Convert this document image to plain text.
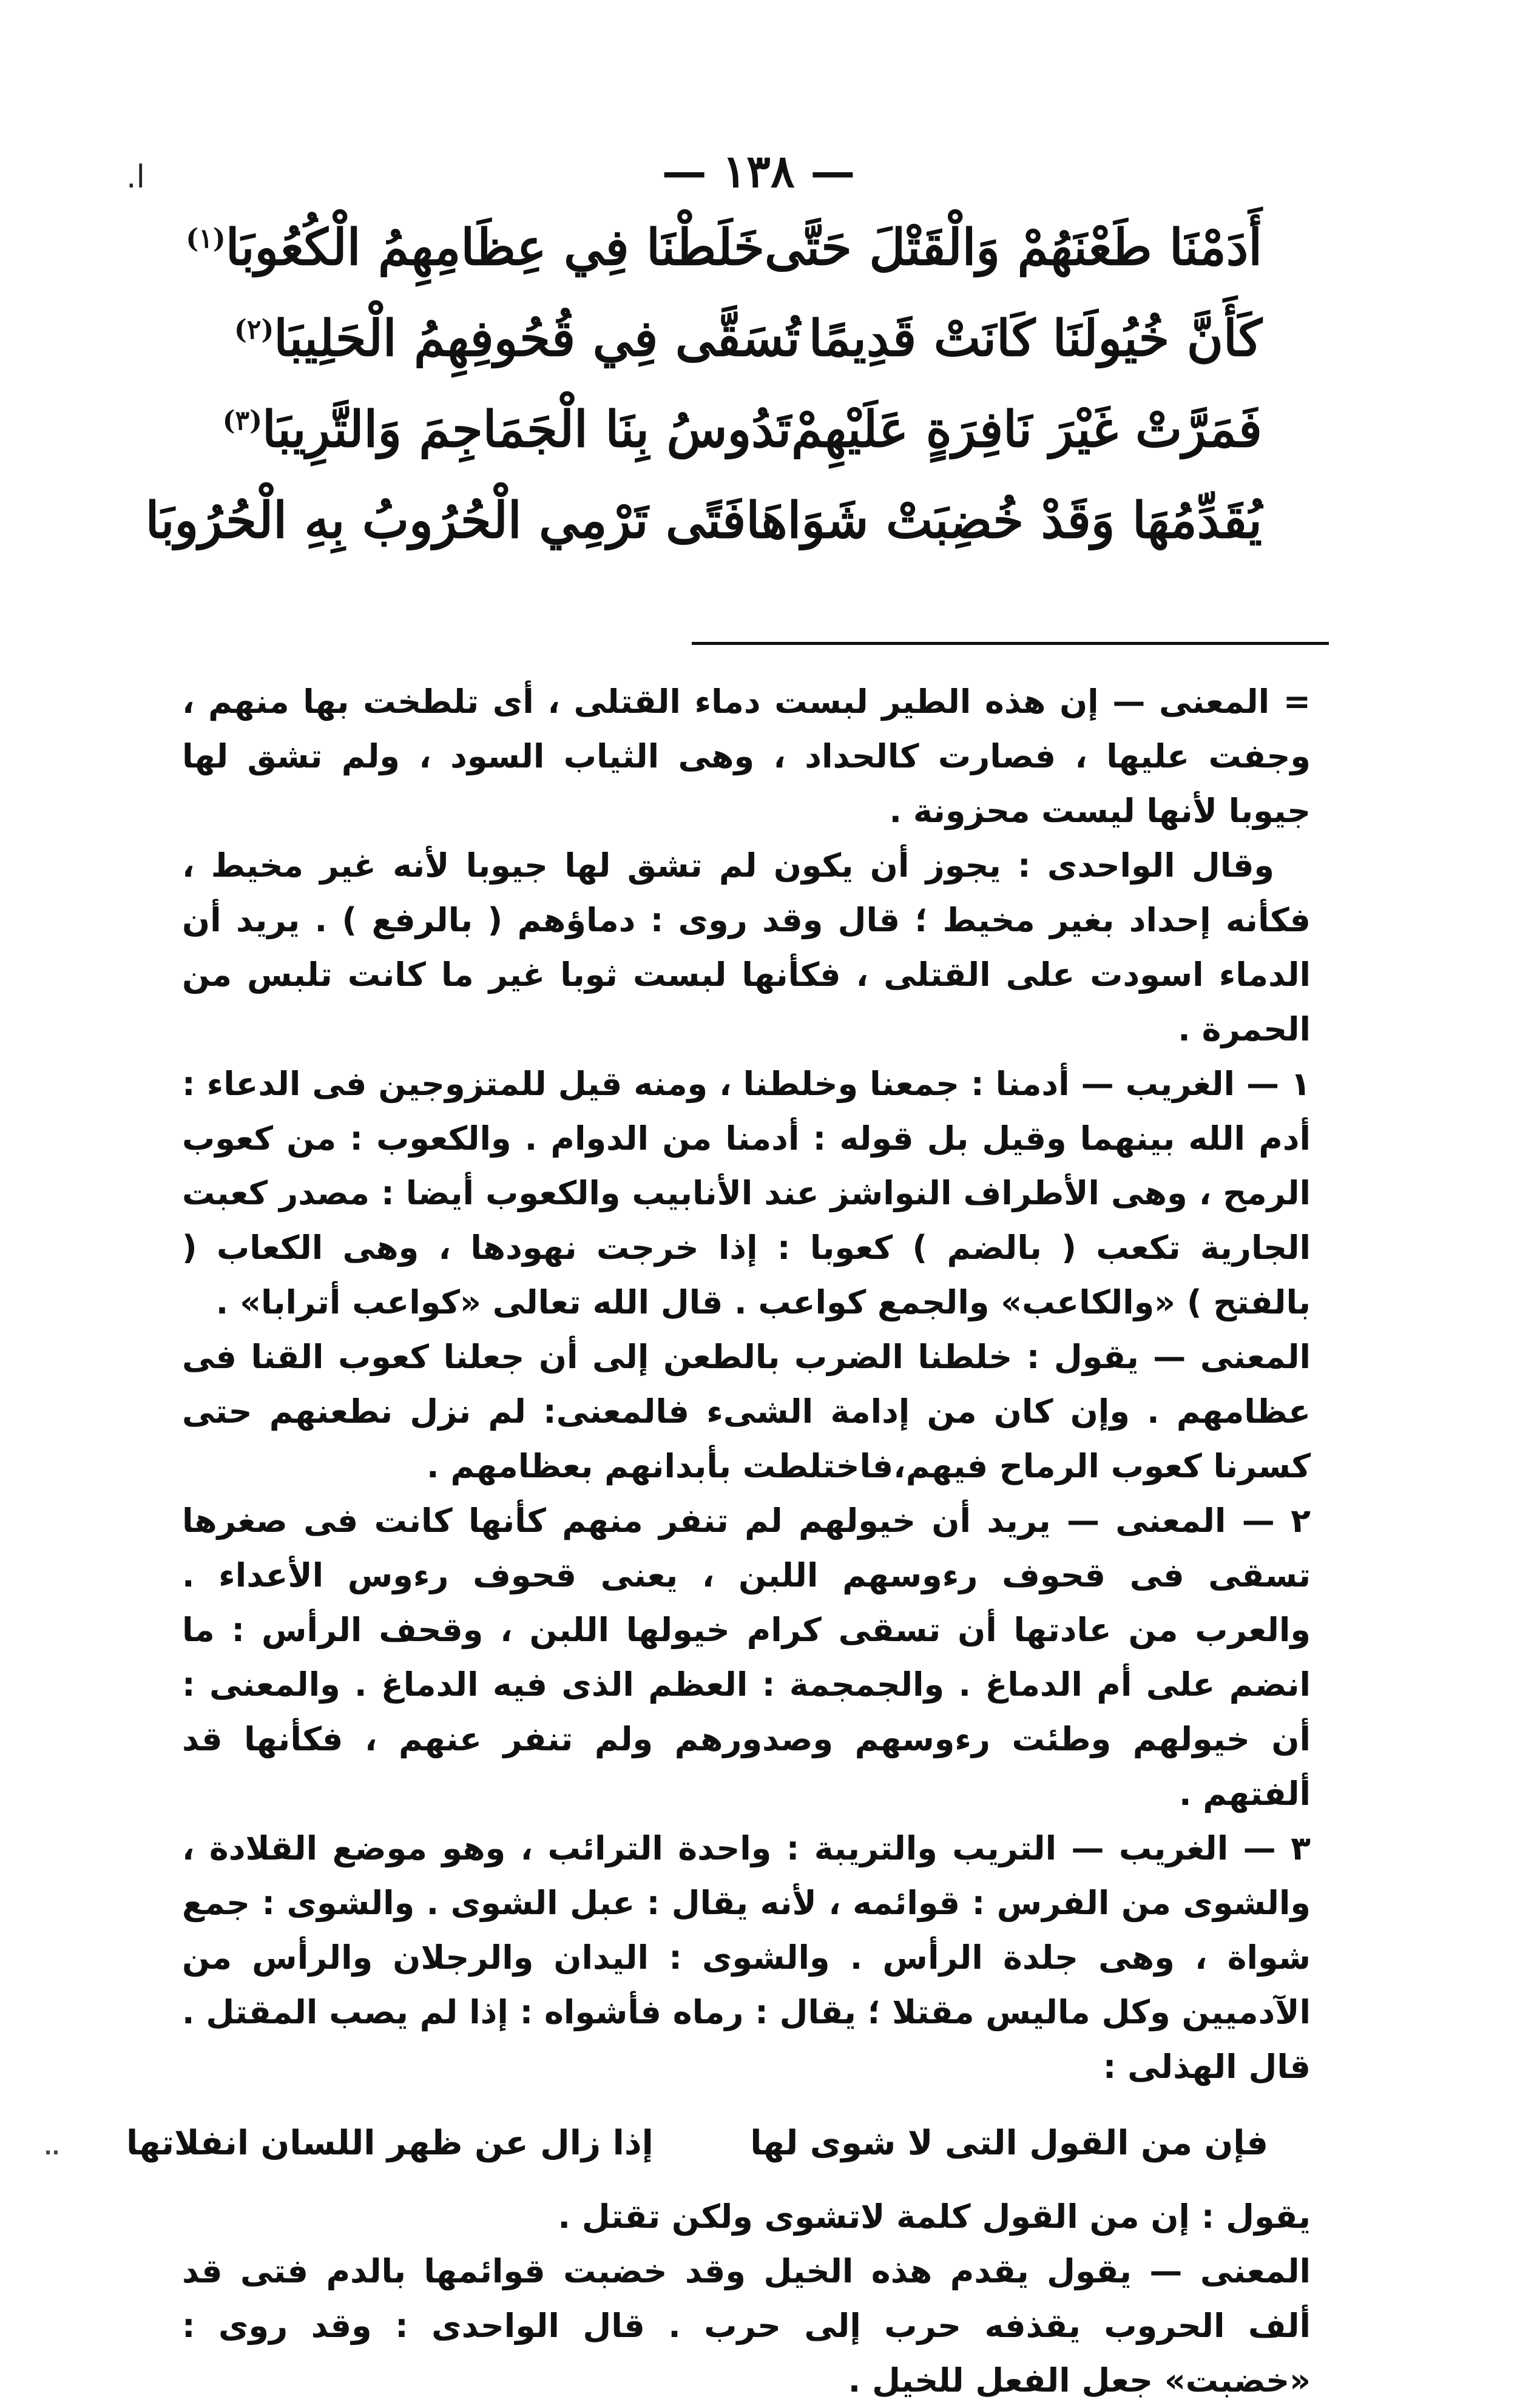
ا.	— ١٣٨ —
أَدَمْنَا طَعْنَهُمْ وَالْقَتْلَ حَتَّى
خَلَطْنَا فِي عِظَامِهِمُ الْكُعُوبَا$^{(١)}$
كَأَنَّ خُيُولَنَا كَانَتْ قَدِيمًا
تُسَقَّى فِي قُحُوفِهِمُ الْحَلِيبَا$^{(٢)}$
فَمَرَّتْ غَيْرَ نَافِرَةٍ عَلَيْهِمْ
تَدُوسُ بِنَا الْجَمَاجِمَ وَالتَّرِيبَا$^{(٣)}$
يُقَدِّمُهَا وَقَدْ خُضِبَتْ شَوَاهَا
فَتًى تَرْمِي الْحُرُوبُ بِهِ الْحُرُوبَا

= المعنى — إن هذه الطير لبست دماء القتلى ، أى تلطخت بها منهم ، وجفت عليها ، فصارت كالحداد ، وهى الثياب السود ، ولم تشق لها جيوبا لأنها ليست محزونة .

وقال الواحدى : يجوز أن يكون لم تشق لها جيوبا لأنه غير مخيط ، فكأنه إحداد بغير مخيط ؛ قال وقد روى : دماؤهم ( بالرفع ) . يريد أن الدماء اسودت على القتلى ، فكأنها لبست ثوبا غير ما كانت تلبس من الحمرة .

١ — الغريب — أدمنا : جمعنا وخلطنا ، ومنه قيل للمتزوجين فى الدعاء : أدم الله بينهما وقيل بل قوله : أدمنا من الدوام . والكعوب : من كعوب الرمح ، وهى الأطراف النواشز عند الأنابيب والكعوب أيضا : مصدر كعبت الجارية تكعب ( بالضم ) كعوبا : إذا خرجت نهودها ، وهى الكعاب ( بالفتح ) «والكاعب» والجمع كواعب . قال الله تعالى «كواعب أترابا» .

المعنى — يقول : خلطنا الضرب بالطعن إلى أن جعلنا كعوب القنا فى عظامهم . وإن كان من إدامة الشىء فالمعنى: لم نزل نطعنهم حتى كسرنا كعوب الرماح فيهم،فاختلطت بأبدانهم بعظامهم .

٢ — المعنى — يريد أن خيولهم لم تنفر منهم كأنها كانت فى صغرها تسقى فى قحوف رءوسهم اللبن ، يعنى قحوف رءوس الأعداء . والعرب من عادتها أن تسقى كرام خيولها اللبن ، وقحف الرأس : ما انضم على أم الدماغ . والجمجمة : العظم الذى فيه الدماغ . والمعنى : أن خيولهم وطئت رءوسهم وصدورهم ولم تنفر عنهم ، فكأنها قد ألفتهم .

٣ — الغريب — التريب والتريبة : واحدة الترائب ، وهو موضع القلادة ، والشوى من الفرس : قوائمه ، لأنه يقال : عبل الشوى . والشوى : جمع شواة ، وهى جلدة الرأس . والشوى : اليدان والرجلان والرأس من الآدميين وكل ماليس مقتلا ؛ يقال : رماه فأشواه : إذا لم يصب المقتل . قال الهذلى :

فإن من القول التى لا شوى لها إذا زال عن ظهر اللسان انفلاتها ..

يقول : إن من القول كلمة لاتشوى ولكن تقتل .

المعنى — يقول يقدم هذه الخيل وقد خضبت قوائمها بالدم فتى قد ألف الحروب يقذفه حرب إلى حرب . قال الواحدى : وقد روى : «خضبت» جعل الفعل للخيل .
